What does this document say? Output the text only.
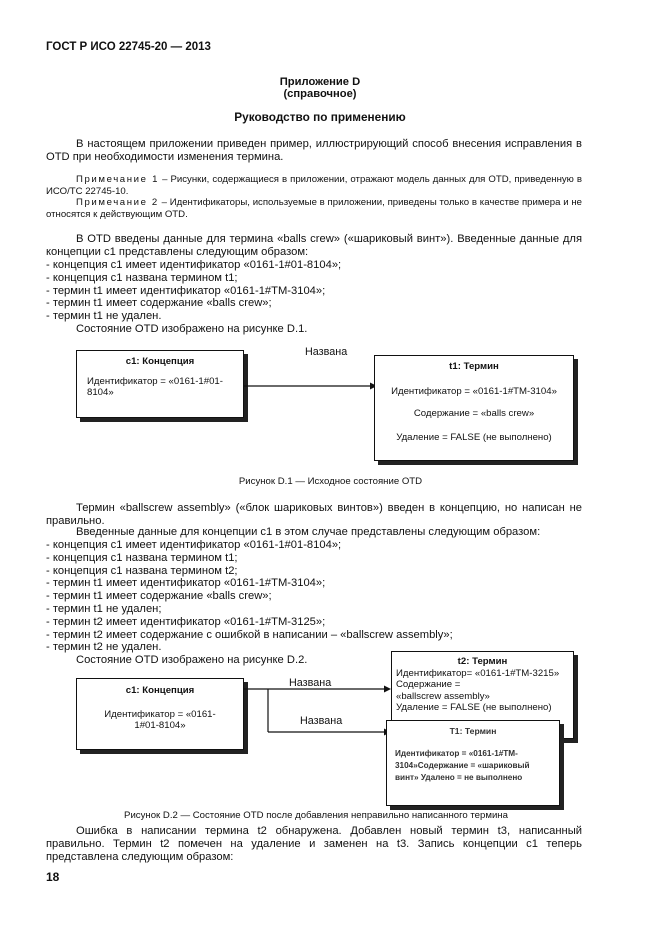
ГОСТ Р ИСО 22745-20 — 2013
Приложение D
(справочное)
Руководство по применению
В настоящем приложении приведен пример, иллюстрирующий способ внесения исправления в OTD при необходимости изменения термина.
Примечание 1 – Рисунки, содержащиеся в приложении, отражают модель данных для OTD, приведенную в ИСО/ТС 22745-10.
Примечание 2 – Идентификаторы, используемые в приложении, приведены только в качестве примера и не относятся к действующим OTD.
В OTD введены данные для термина «balls crew» («шариковый винт»). Введенные данные для концепции c1 представлены следующим образом:
- концепция c1 имеет идентификатор «0161-1#01-8104»;
- концепция c1 названа термином t1;
- термин t1 имеет идентификатор «0161-1#TM-3104»;
- термин t1 имеет содержание «balls crew»;
- термин t1 не удален.
Состояние OTD изображено на рисунке D.1.
c1: Концепция
Идентификатор = «0161-1#01-8104»
Названа
t1: Термин
Идентификатор = «0161-1#TM-3104»
Содержание = «balls crew»
Удаление = FALSE (не выполнено)
Рисунок D.1 — Исходное состояние OTD
Термин «ballscrew assembly» («блок шариковых винтов») введен в концепцию, но написан не правильно.
Введенные данные для концепции c1 в этом случае представлены следующим образом:
- концепция c1 имеет идентификатор «0161-1#01-8104»;
- концепция c1 названа термином t1;
- концепция c1 названа термином t2;
- термин t1 имеет идентификатор «0161-1#TM-3104»;
- термин t1 имеет содержание «balls crew»;
- термин t1 не удален;
- термин t2 имеет идентификатор «0161-1#TM-3125»;
- термин t2 имеет содержание с ошибкой в написании – «ballscrew assembly»;
- термин t2 не удален.
Состояние OTD изображено на рисунке D.2.
c1: Концепция
Идентификатор = «0161-1#01-8104»
Названа
Названа
t2: Термин
Идентификатор= «0161-1#TM-3215»
Содержание = «ballscrew assembly»
Удаление = FALSE (не выполнено)
T1: Термин
Идентификатор = «0161-1#TM-3104»Содержание = «шариковый винт» Удалено = не выполнено
Рисунок D.2 — Состояние OTD после добавления неправильно написанного термина
Ошибка в написании термина t2 обнаружена. Добавлен новый термин t3, написанный правильно. Термин t2 помечен на удаление и заменен на t3. Запись концепции c1 теперь представлена следующим образом:
18
